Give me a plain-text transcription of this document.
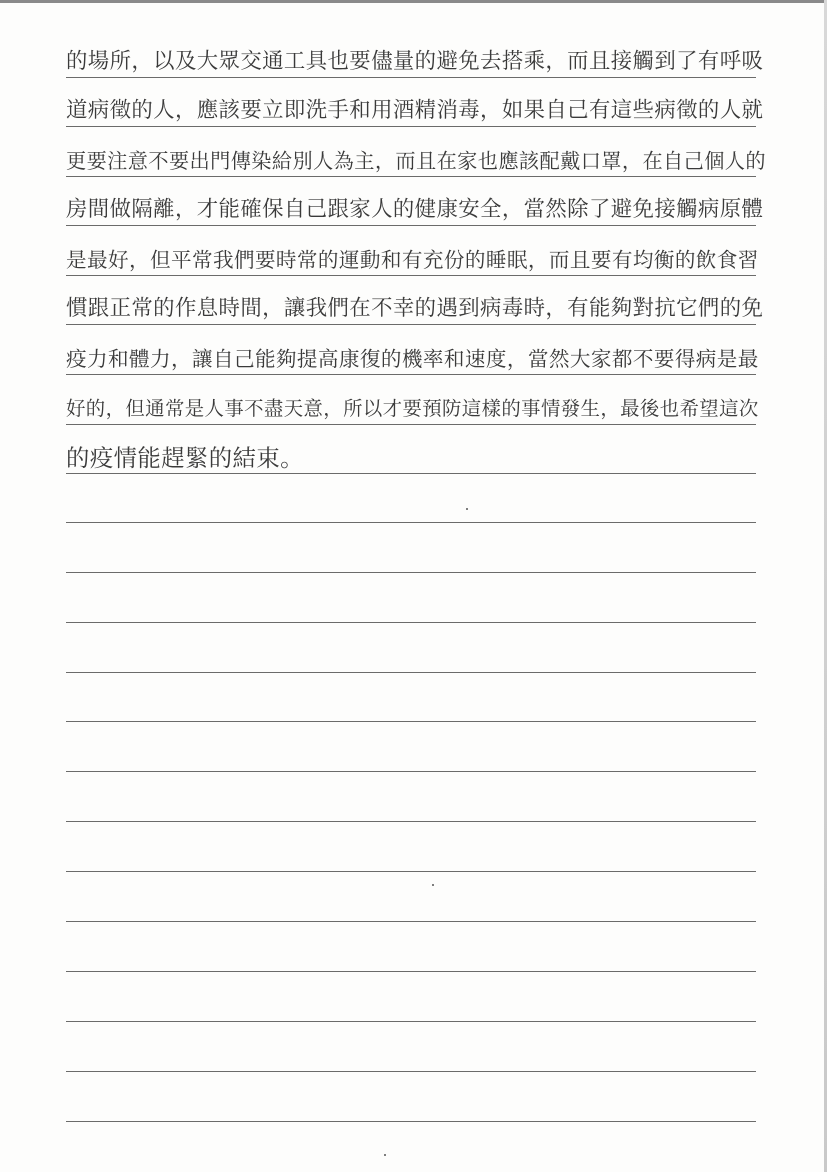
的場所，以及大眾交通工具也要儘量的避免去搭乘，而且接觸到了有呼吸
道病徵的人，應該要立即洗手和用酒精消毒，如果自己有這些病徵的人就
更要注意不要出門傳染給別人為主，而且在家也應該配戴口罩，在自己個人的
房間做隔離，才能確保自己跟家人的健康安全，當然除了避免接觸病原體
是最好，但平常我們要時常的運動和有充份的睡眠，而且要有均衡的飲食習
慣跟正常的作息時間，讓我們在不幸的遇到病毒時，有能夠對抗它們的免
疫力和體力，讓自己能夠提高康復的機率和速度，當然大家都不要得病是最
好的，但通常是人事不盡天意，所以才要預防這樣的事情發生，最後也希望這次
的疫情能趕緊的結束。
